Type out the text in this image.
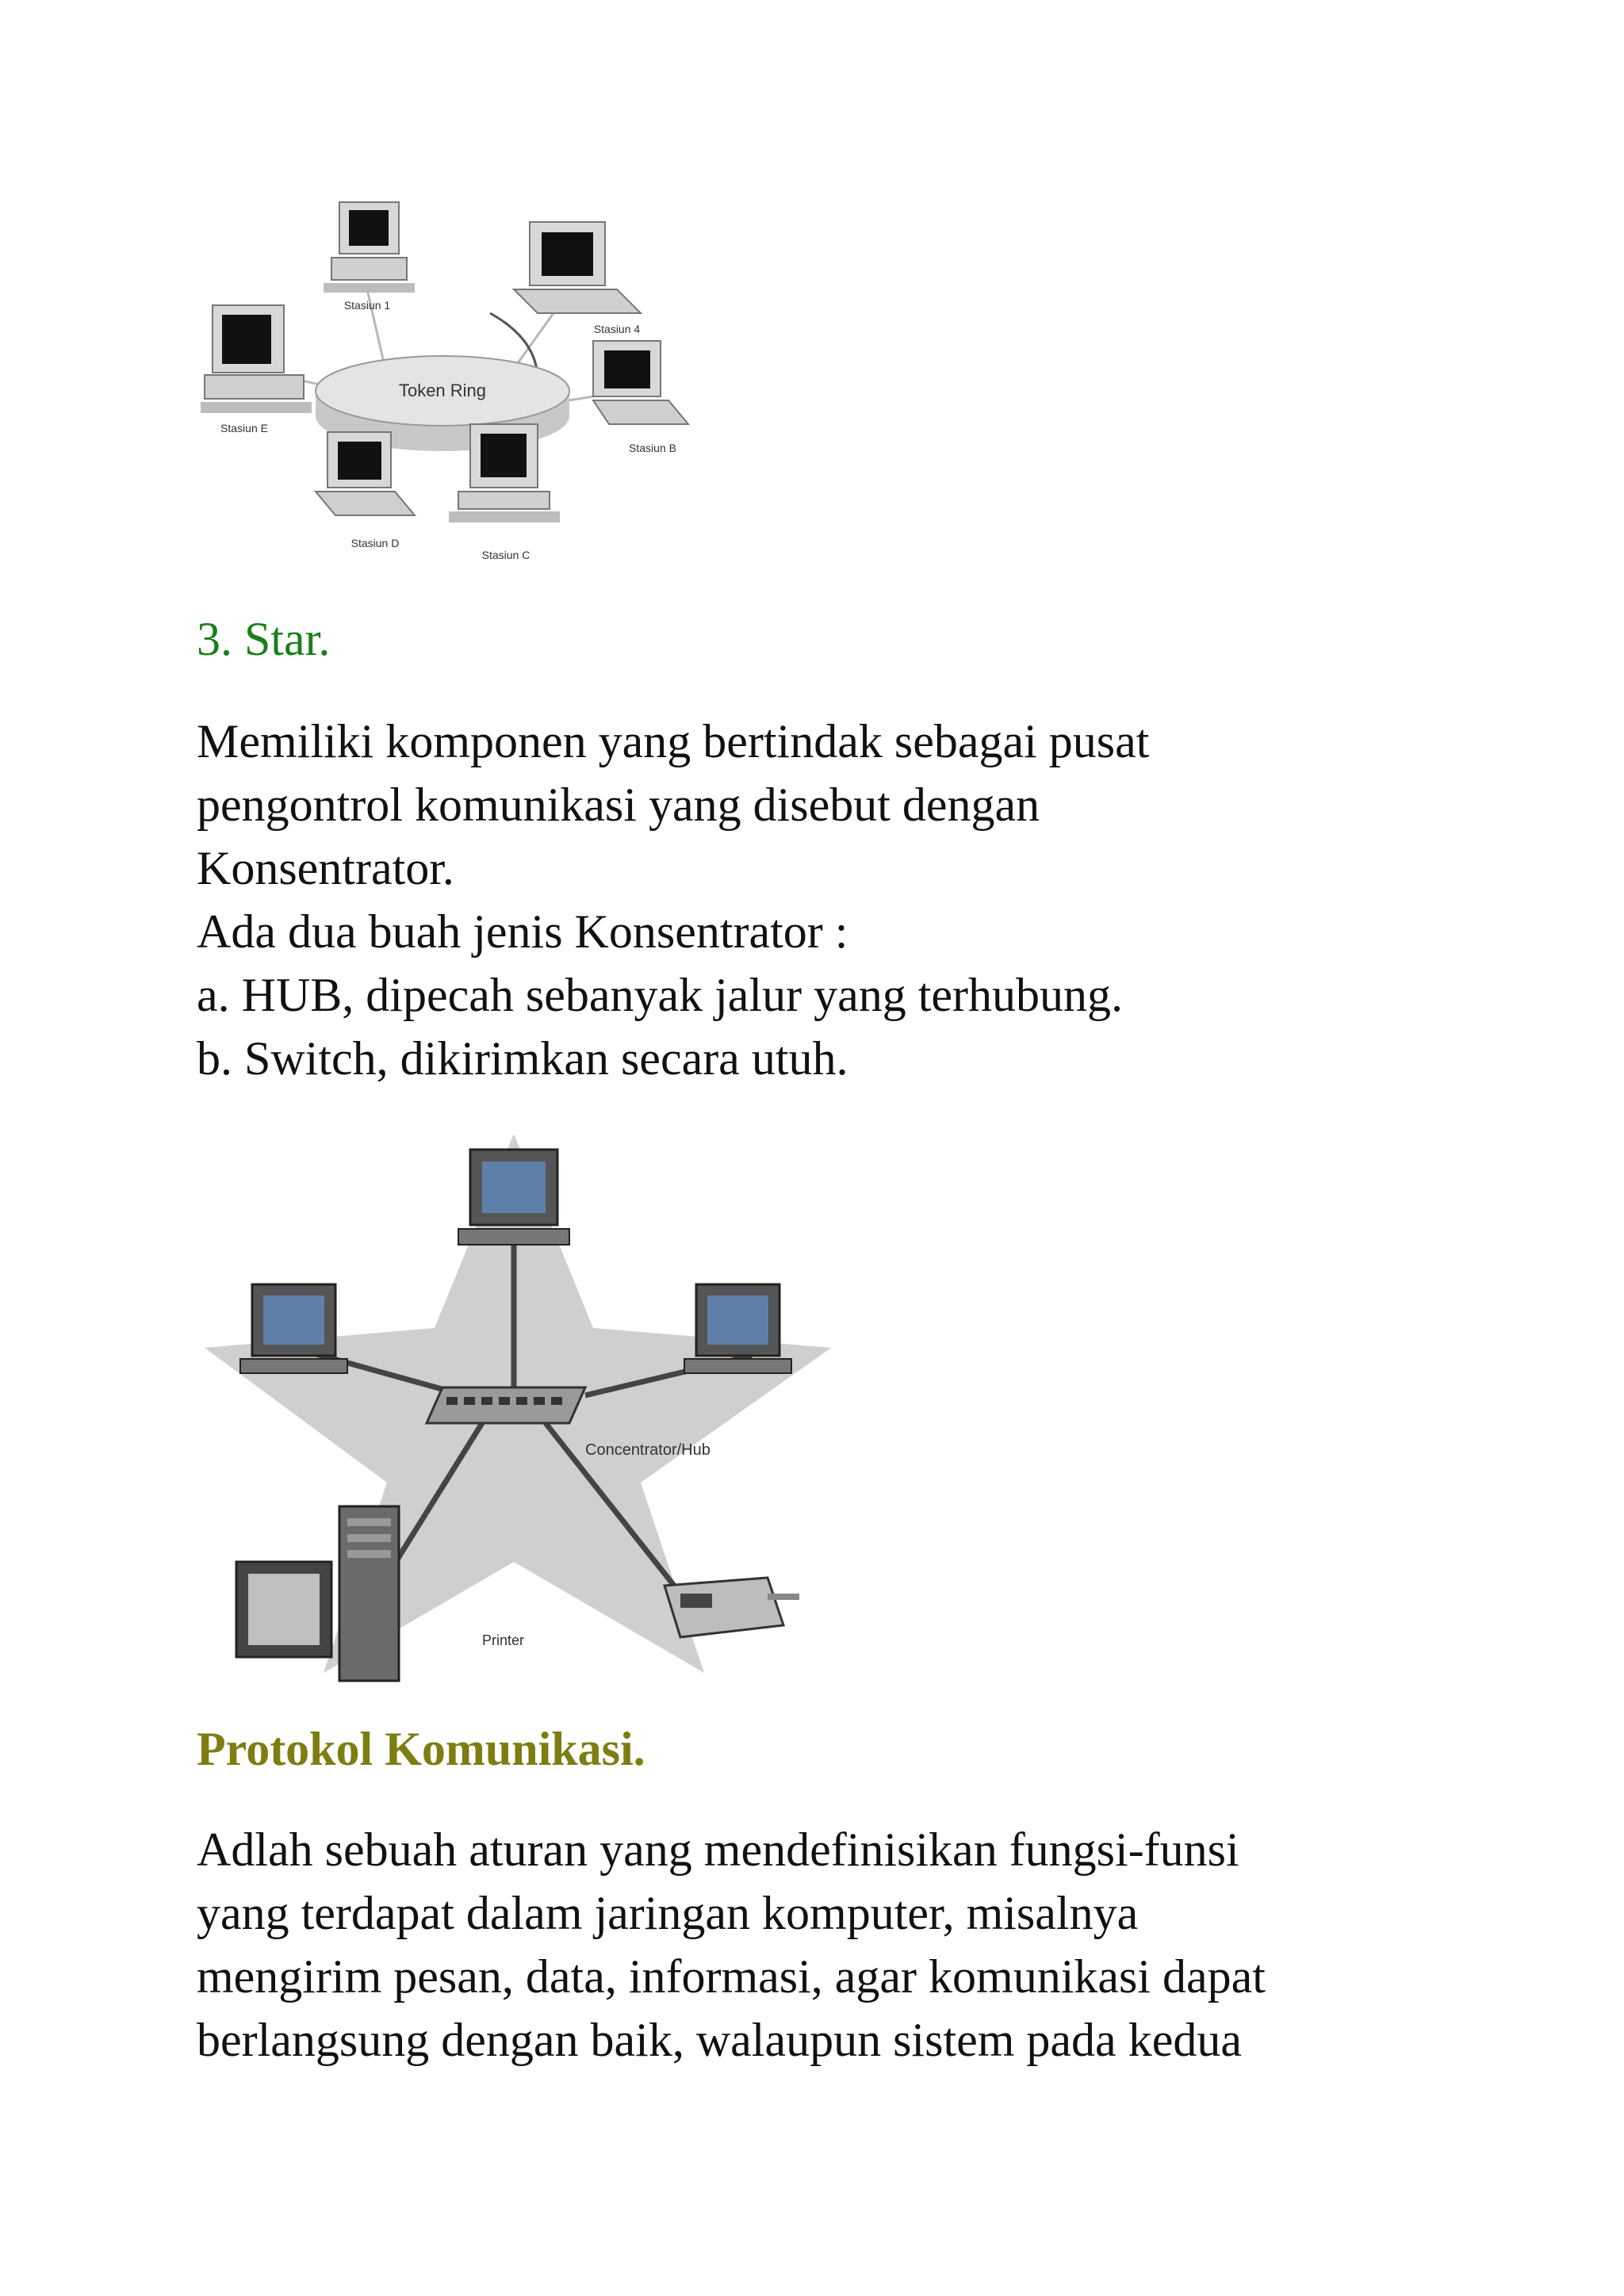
Token Ring
Stasiun 1
Stasiun 4
Stasiun E
Stasiun B
Stasiun D
Stasiun C
3. Star.

Memiliki komponen yang bertindak sebagai pusat
pengontrol komunikasi yang disebut dengan
Konsentrator.
Ada dua buah jenis Konsentrator :
a. HUB, dipecah sebanyak jalur yang terhubung.
b. Switch, dikirimkan secara utuh.

Concentrator/Hub
Printer
Protokol Komunikasi.

Adlah sebuah aturan yang mendefinisikan fungsi-funsi
yang terdapat dalam jaringan komputer, misalnya
mengirim pesan, data, informasi, agar komunikasi dapat
berlangsung dengan baik, walaupun sistem pada kedua
